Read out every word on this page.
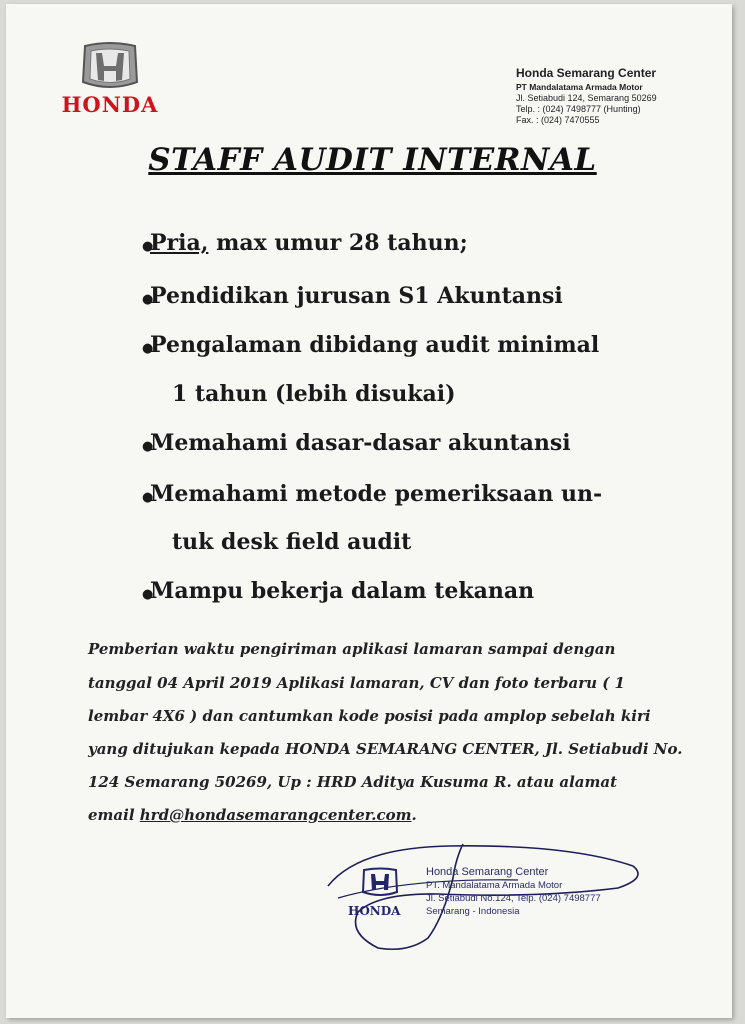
HONDA
Honda Semarang Center
PT Mandalatama Armada Motor
Jl. Setiabudi 124, Semarang 50269
Telp. : (024) 7498777 (Hunting)
Fax. : (024) 7470555
STAFF AUDIT INTERNAL
●
Pria, max umur 28 tahun;
●
Pendidikan jurusan S1 Akuntansi
●
Pengalaman dibidang audit minimal
1 tahun (lebih disukai)
●
Memahami dasar-dasar akuntansi
●
Memahami metode pemeriksaan un-
tuk desk field audit
●
Mampu bekerja dalam tekanan
Pemberian waktu pengiriman aplikasi lamaran sampai dengan
tanggal 04 April 2019 Aplikasi lamaran, CV dan foto terbaru ( 1
lembar 4X6 ) dan cantumkan kode posisi pada amplop sebelah kiri
yang ditujukan kepada HONDA SEMARANG CENTER, Jl. Setiabudi No.
124 Semarang 50269, Up : HRD Aditya Kusuma R. atau alamat
email hrd@hondasemarangcenter.com.
HONDA
Honda Semarang Center
PT. Mandalatama Armada Motor
Jl. Setiabudi No.124, Telp. (024) 7498777
Semarang - Indonesia
